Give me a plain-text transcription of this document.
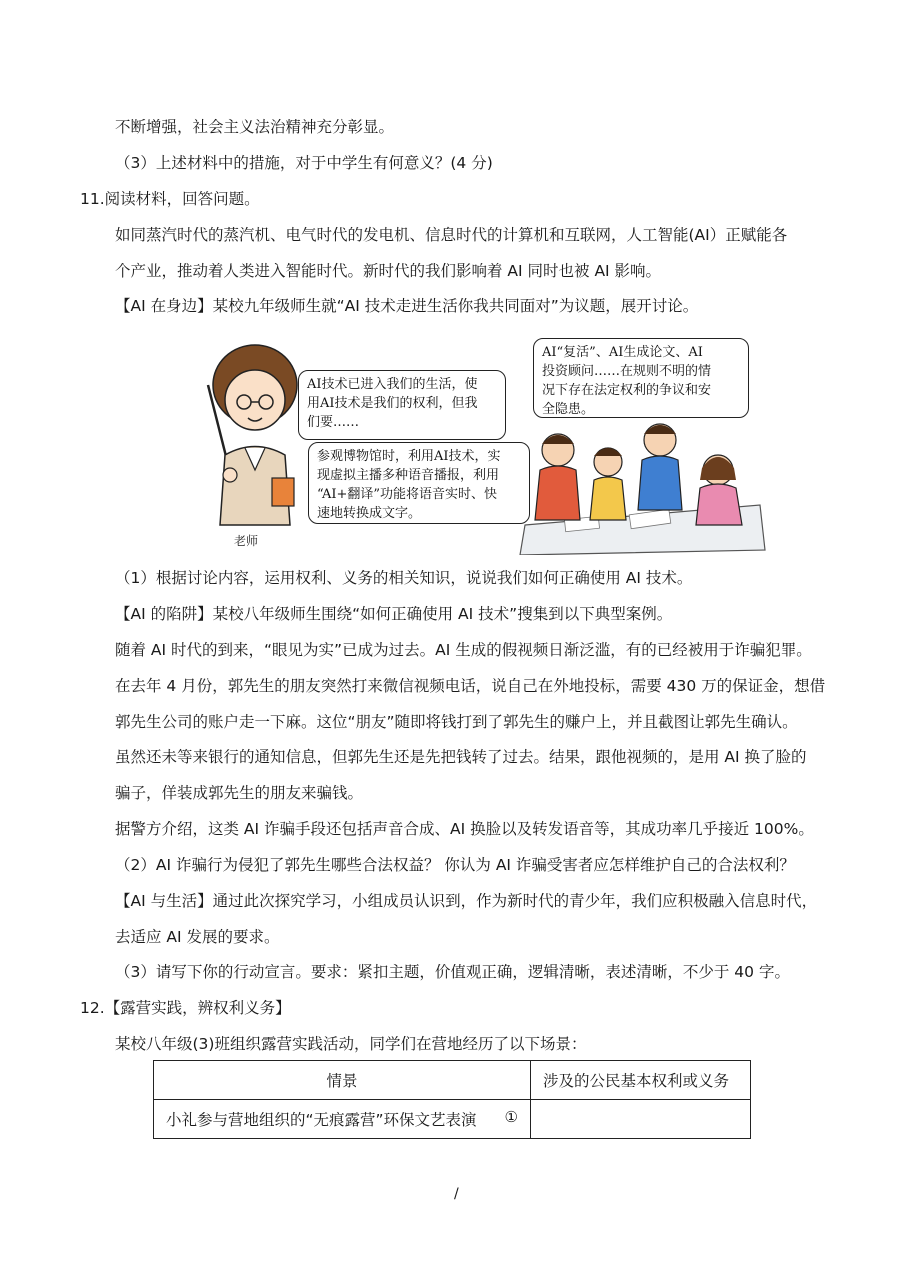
不断增强，社会主义法治精神充分彰显。
（3）上述材料中的措施，对于中学生有何意义？(4 分)
11.阅读材料，回答问题。
如同蒸汽时代的蒸汽机、电气时代的发电机、信息时代的计算机和互联网，人工智能(AI）正赋能各
个产业，推动着人类进入智能时代。新时代的我们影响着 AI 同时也被 AI 影响。
【AI 在身边】某校九年级师生就“AI 技术走进生活你我共同面对”为议题，展开讨论。
AI技术已进入我们的生活，使
用AI技术是我们的权利，但我
们要……
参观博物馆时，利用AI技术，实
现虚拟主播多种语音播报，利用
“AI+翻译”功能将语音实时、快
速地转换成文字。
AI“复活”、AI生成论文、AI
投资顾问……在规则不明的情
况下存在法定权利的争议和安
全隐患。
老师
（1）根据讨论内容，运用权利、义务的相关知识，说说我们如何正确使用 AI 技术。
【AI 的陷阱】某校八年级师生围绕“如何正确使用 AI 技术”搜集到以下典型案例。
随着 AI 时代的到来，“眼见为实”已成为过去。AI 生成的假视频日渐泛滥，有的已经被用于诈骗犯罪。
在去年 4 月份，郭先生的朋友突然打来微信视频电话，说自己在外地投标，需要 430 万的保证金，想借
郭先生公司的账户走一下麻。这位“朋友”随即将钱打到了郭先生的赚户上，并且截图让郭先生确认。
虽然还未等来银行的通知信息，但郭先生还是先把钱转了过去。结果，跟他视频的，是用 AI 换了脸的
骗子，佯装成郭先生的朋友来骗钱。
据警方介绍，这类 AI 诈骗手段还包括声音合成、AI 换脸以及转发语音等，其成功率几乎接近 100%。
（2）AI 诈骗行为侵犯了郭先生哪些合法权益？ 你认为 AI 诈骗受害者应怎样维护自己的合法权利？
【AI 与生活】通过此次探究学习，小组成员认识到，作为新时代的青少年，我们应积极融入信息时代，
去适应 AI 发展的要求。
（3）请写下你的行动宣言。要求：紧扣主题，价值观正确，逻辑清晰，表述清晰，不少于 40 字。
12.【露营实践，辨权利义务】
某校八年级(3)班组织露营实践活动，同学们在营地经历了以下场景：
情景	涉及的公民基本权利或义务
小礼参与营地组织的“无痕露营”环保文艺表演 ①	

/
